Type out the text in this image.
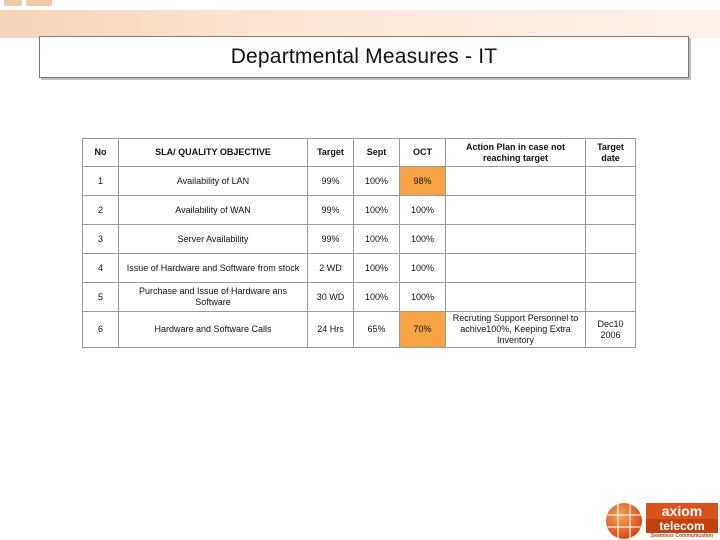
Departmental Measures - IT
No	SLA/ QUALITY OBJECTIVE	Target	Sept	OCT	Action Plan in case not reaching target	Target date
1	Availability of LAN	99%	100%	98%		
2	Availability of WAN	99%	100%	100%		
3	Server Availability	99%	100%	100%		
4	Issue of Hardware and Software from stock	2 WD	100%	100%		
5	Purchase and Issue of Hardware ans Software	30 WD	100%	100%		
6	Hardware and Software Calls	24 Hrs	65%	70%	Recruting Support Personnel to achive100%, Keeping Extra Inventory	Dec10 2006
axiom
telecom
Seamless Communication
